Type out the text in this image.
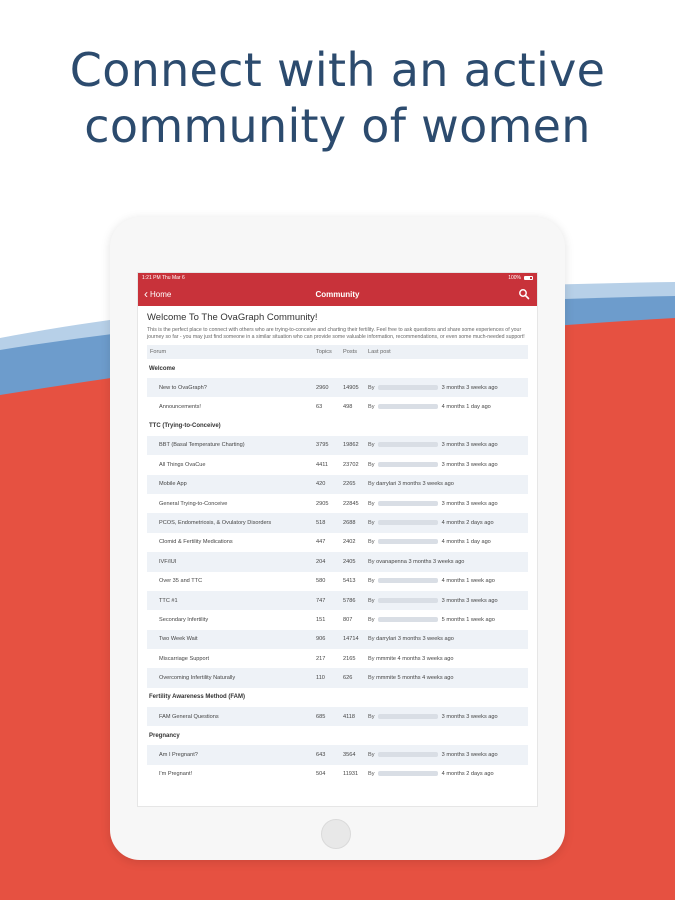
Connect with an active
community of women
1:21 PM Thu Mar 6	100%
‹ Home	Community
Welcome To The OvaGraph Community!
This is the perfect place to connect with others who are trying-to-conceive and charting their fertility. Feel free to ask questions and share some experiences of your journey so far - you may just find someone in a similar situation who can provide some valuable information, recommendations, or even some much-needed support!
Forum	Topics	Posts	Last post
Welcome
New to OvaGraph?	2960	14905	By	3 months 3 weeks ago
Announcements!	63	498	By	4 months 1 day ago
TTC (Trying-to-Conceive)
BBT (Basal Temperature Charting)	3795	19862	By	3 months 3 weeks ago
All Things OvaCue	4411	23702	By	3 months 3 weeks ago
Mobile App	420	2265	By darrylari 3 months 3 weeks ago
General Trying-to-Conceive	2905	22845	By	3 months 3 weeks ago
PCOS, Endometriosis, & Ovulatory Disorders	518	2688	By	4 months 2 days ago
Clomid & Fertility Medications	447	2402	By	4 months 1 day ago
IVF/IUI	204	2405	By ovanapenna 3 months 3 weeks ago
Over 35 and TTC	580	5413	By	4 months 1 week ago
TTC #1	747	5786	By	3 months 3 weeks ago
Secondary Infertility	151	807	By	5 months 1 week ago
Two Week Wait	906	14714	By darrylari 3 months 3 weeks ago
Miscarriage Support	217	2165	By mmmite 4 months 3 weeks ago
Overcoming Infertility Naturally	110	626	By mmmite 5 months 4 weeks ago
Fertility Awareness Method (FAM)
FAM General Questions	685	4118	By	3 months 3 weeks ago
Pregnancy
Am I Pregnant?	643	3564	By	3 months 3 weeks ago
I'm Pregnant!	504	11931	By	4 months 2 days ago
